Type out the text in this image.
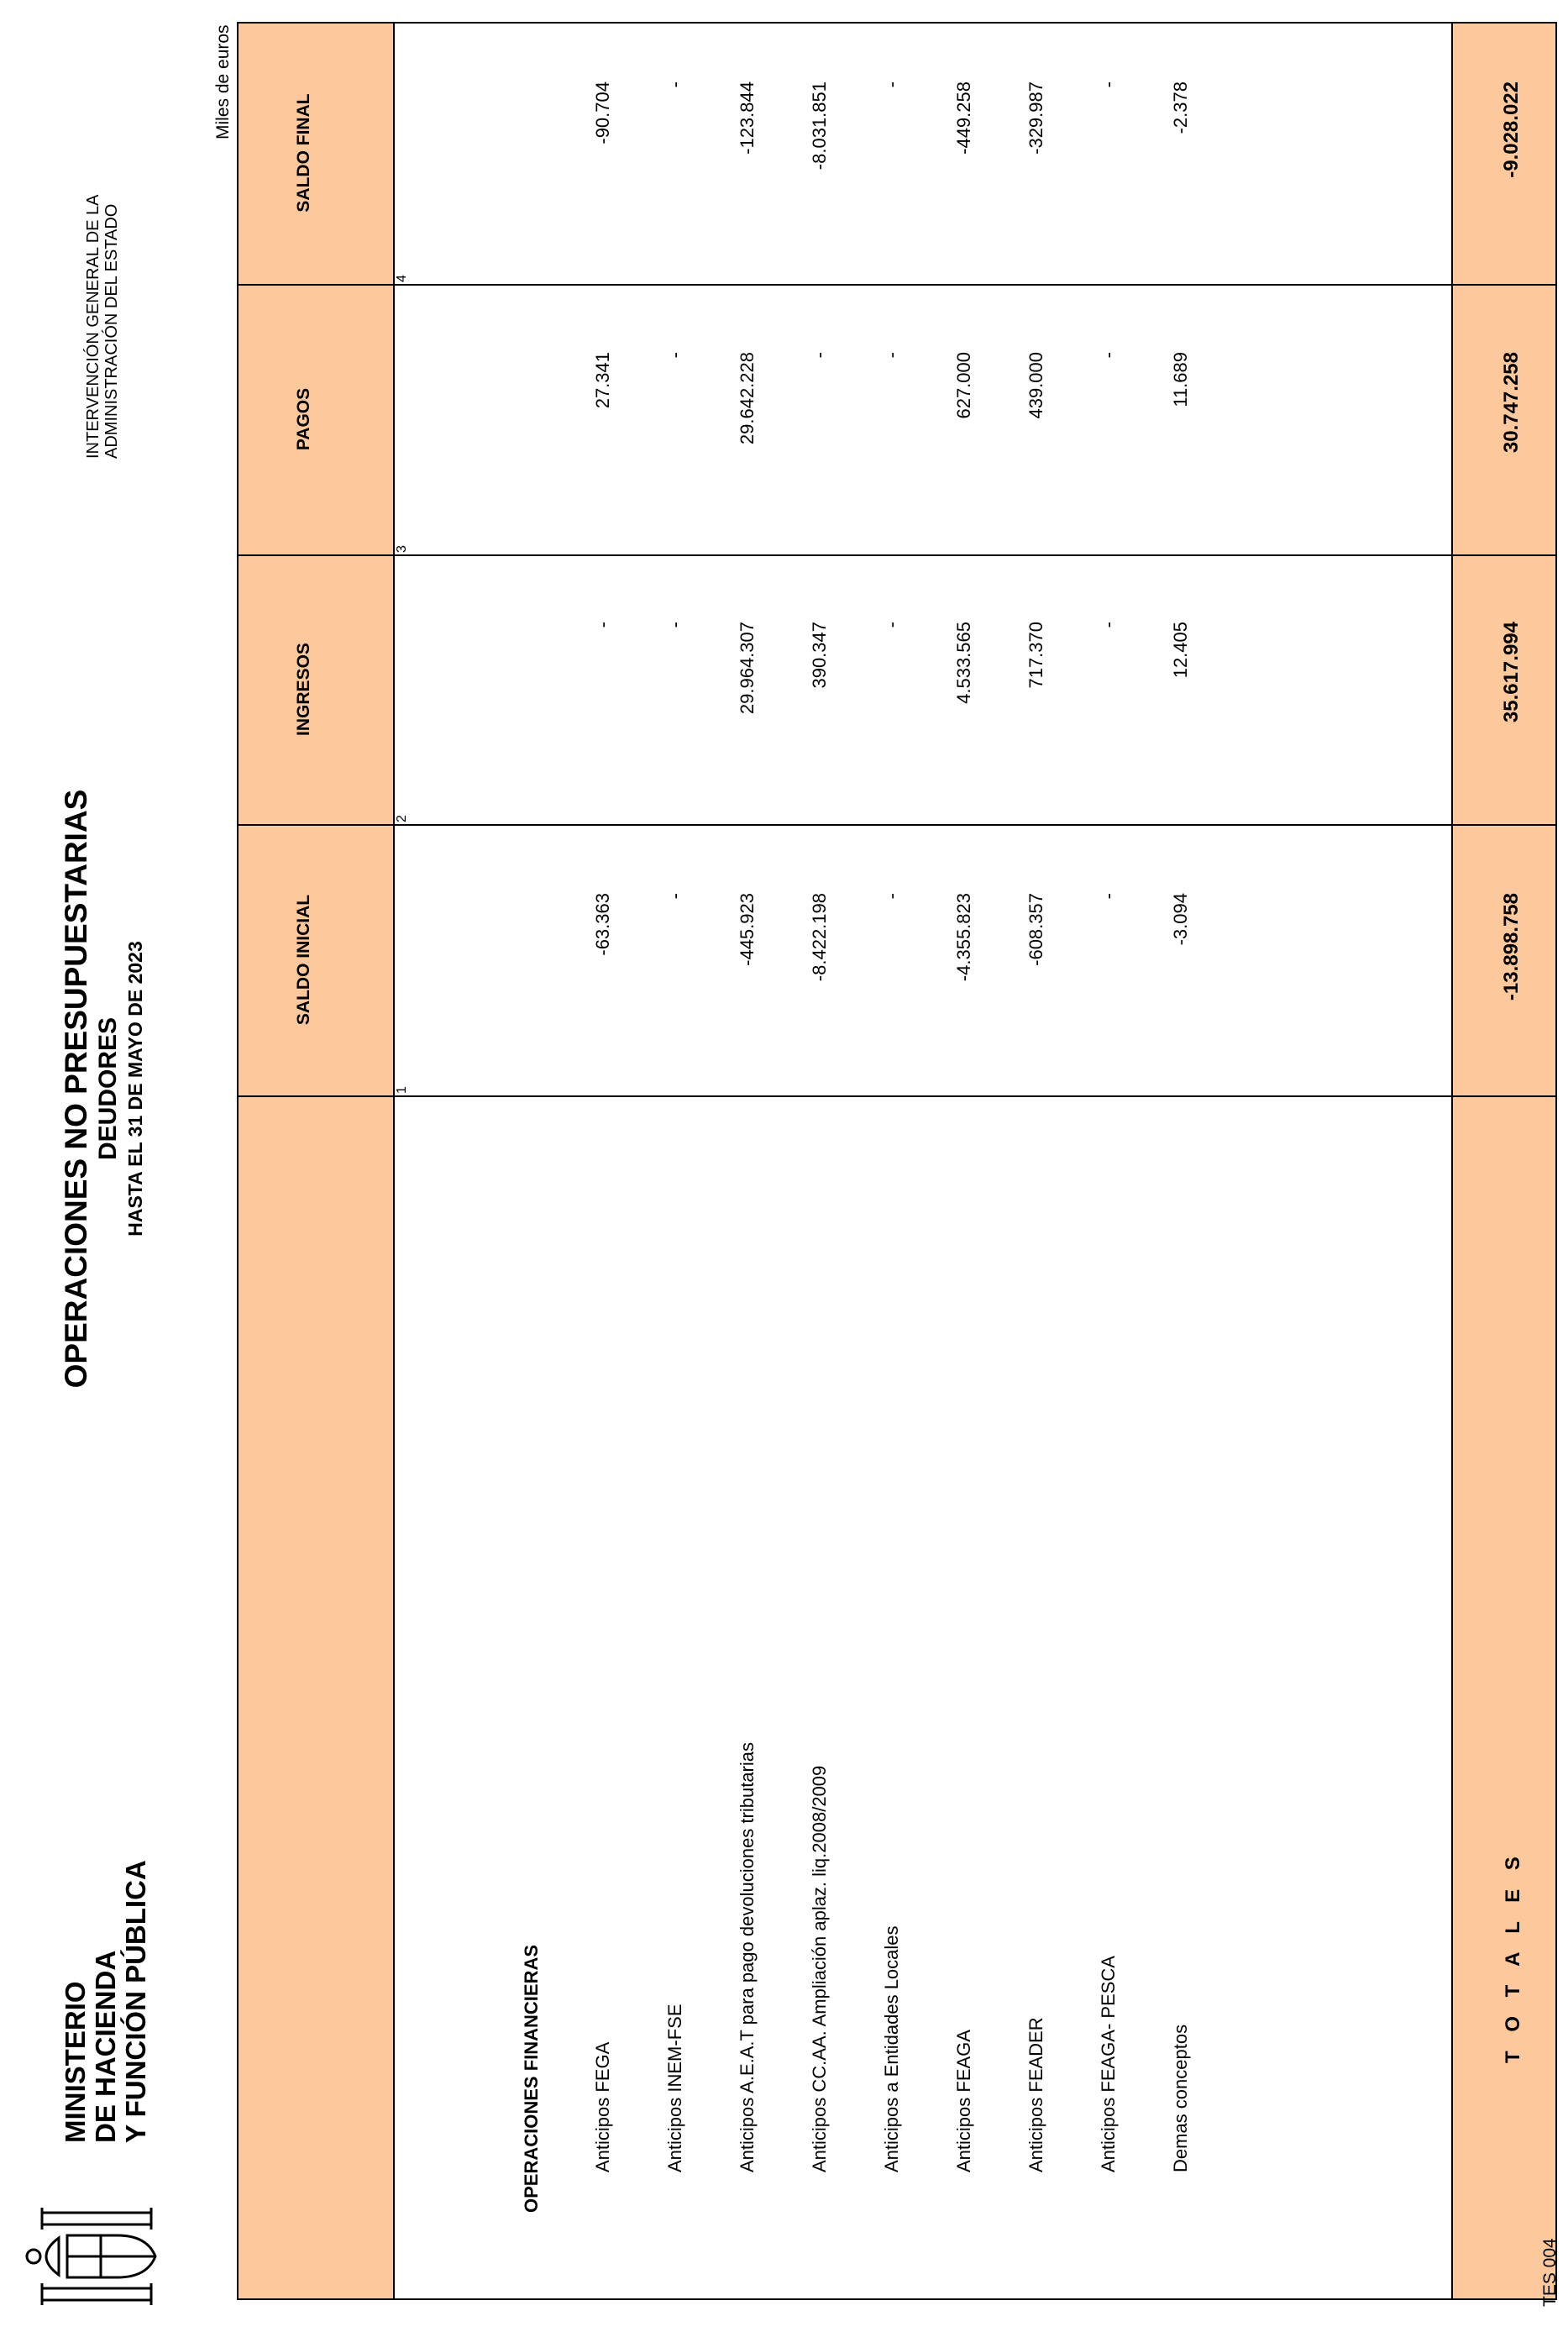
MINISTERIO DE HACIENDA Y FUNCIÓN PÚBLICA
OPERACIONES NO PRESUPUESTARIAS DEUDORES HASTA EL 31 DE MAYO DE 2023
INTERVENCIÓN GENERAL DE LA ADMINISTRACIÓN DEL ESTADO
Miles de euros
SALDO INICIAL
INGRESOS
PAGOS
SALDO FINAL
1
2
3
4
OPERACIONES FINANCIERAS	Anticipos FEGA
-63.363
-
27.341
-90.704
Anticipos INEM-FSE
-
-
-
-
Anticipos A.E.A.T para pago devoluciones tributarias
-445.923
29.964.307
29.642.228
-123.844
Anticipos CC.AA. Ampliación aplaz. liq.2008/2009
-8.422.198
390.347
-
-8.031.851
Anticipos a Entidades Locales
-
-
-
-
Anticipos FEAGA
-4.355.823
4.533.565
627.000
-449.258
Anticipos FEADER
-608.357
717.370
439.000
-329.987
Anticipos FEAGA- PESCA
-
-
-
-
Demas conceptos
-3.094
12.405
11.689
-2.378
T O T A L E S
-13.898.758
35.617.994
30.747.258
-9.028.022
TES 004
